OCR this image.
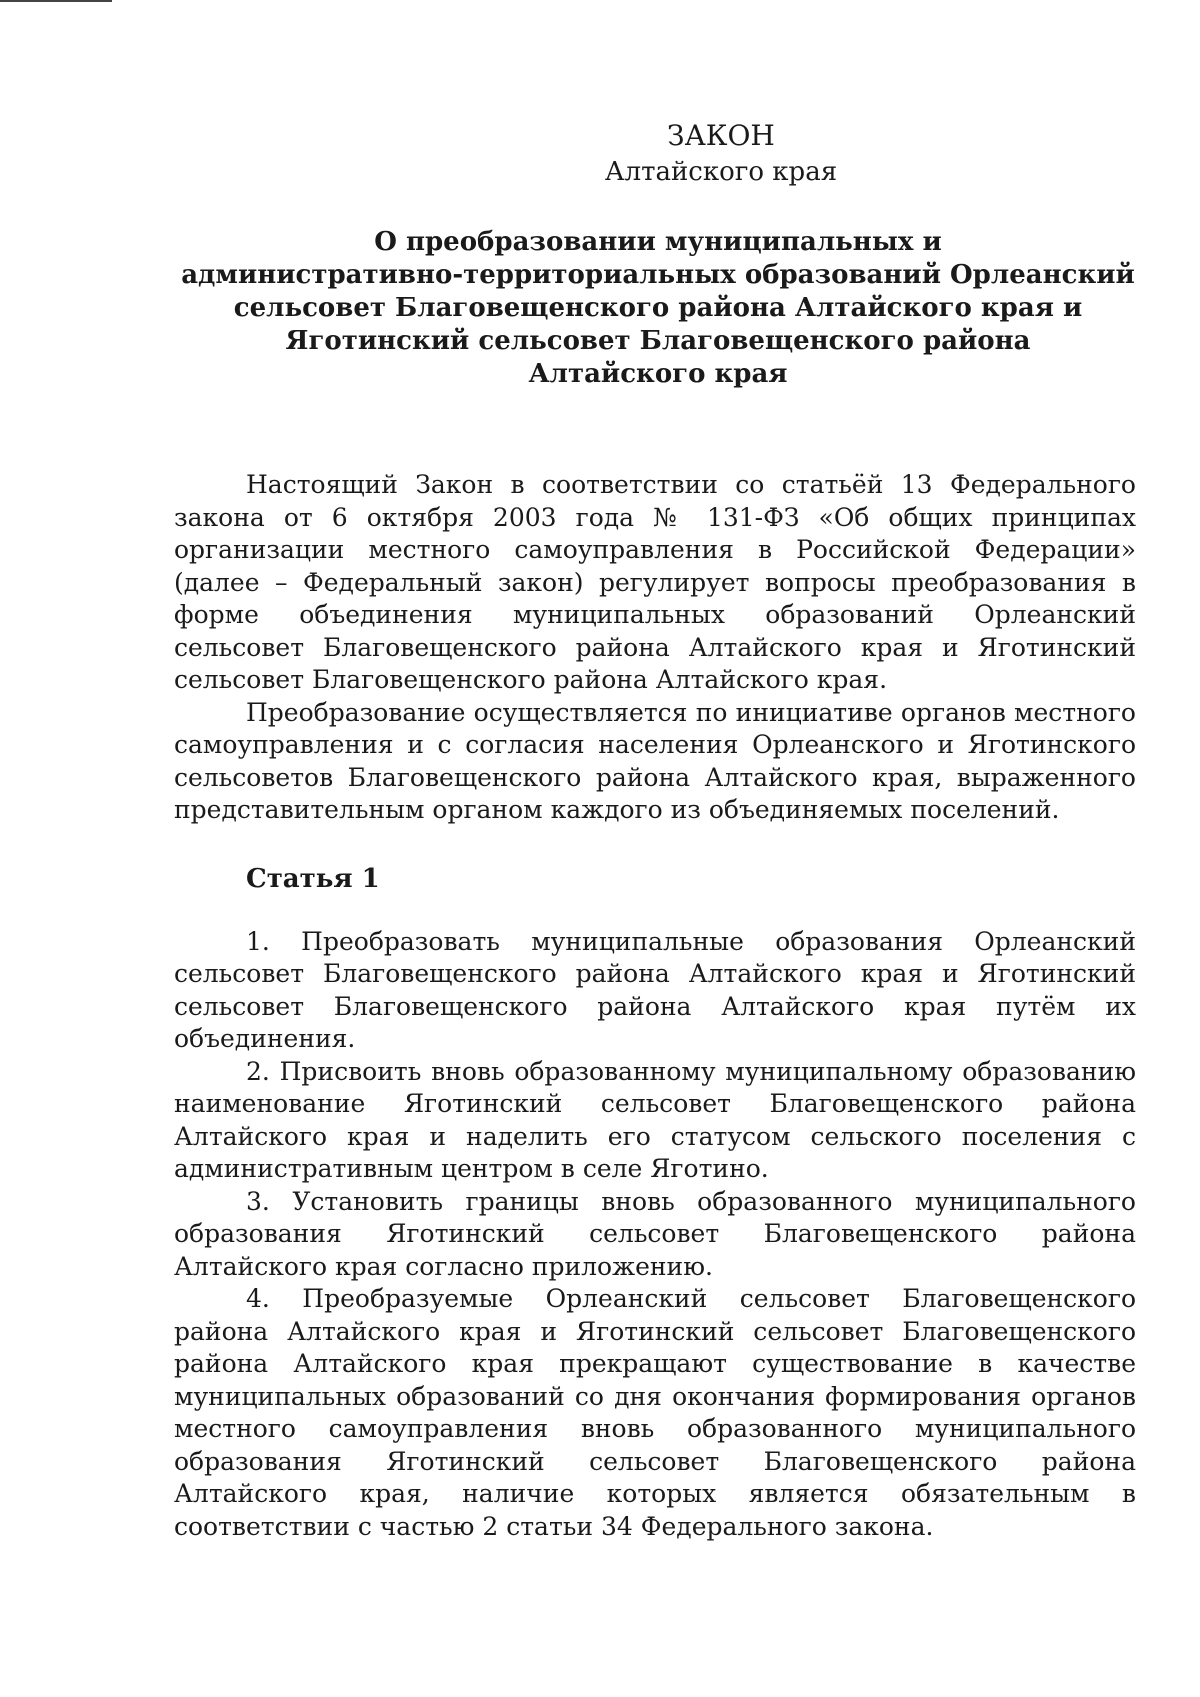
ЗАКОН
Алтайского края
О преобразовании муниципальных и
административно-территориальных образований Орлеанский
сельсовет Благовещенского района Алтайского края и
Яготинский сельсовет Благовещенского района
Алтайского края

Настоящий Закон в соответствии со статьёй 13 Федерального закона от 6 октября 2003 года № 131-ФЗ «Об общих принципах организации местного самоуправления в Российской Федерации» (далее – Федеральный закон) регулирует вопросы преобразования в форме объединения муниципальных образований Орлеанский сельсовет Благовещенского района Алтайского края и Яготинский сельсовет Благовещенского района Алтайского края.

Преобразование осуществляется по инициативе органов местного самоуправления и с согласия населения Орлеанского и Яготинского сельсоветов Благовещенского района Алтайского края, выраженного представительным органом каждого из объединяемых поселений.

Статья 1

1. Преобразовать муниципальные образования Орлеанский сельсовет Благовещенского района Алтайского края и Яготинский сельсовет Благовещенского района Алтайского края путём их объединения.

2. Присвоить вновь образованному муниципальному образованию наименование Яготинский сельсовет Благовещенского района Алтайского края и наделить его статусом сельского поселения с административным центром в селе Яготино.

3. Установить границы вновь образованного муниципального образования Яготинский сельсовет Благовещенского района Алтайского края согласно приложению.

4. Преобразуемые Орлеанский сельсовет Благовещенского района Алтайского края и Яготинский сельсовет Благовещенского района Алтайского края прекращают существование в качестве муниципальных образований со дня окончания формирования органов местного самоуправления вновь образованного муниципального образования Яготинский сельсовет Благовещенского района Алтайского края, наличие которых является обязательным в соответствии с частью 2 статьи 34 Федерального закона.
